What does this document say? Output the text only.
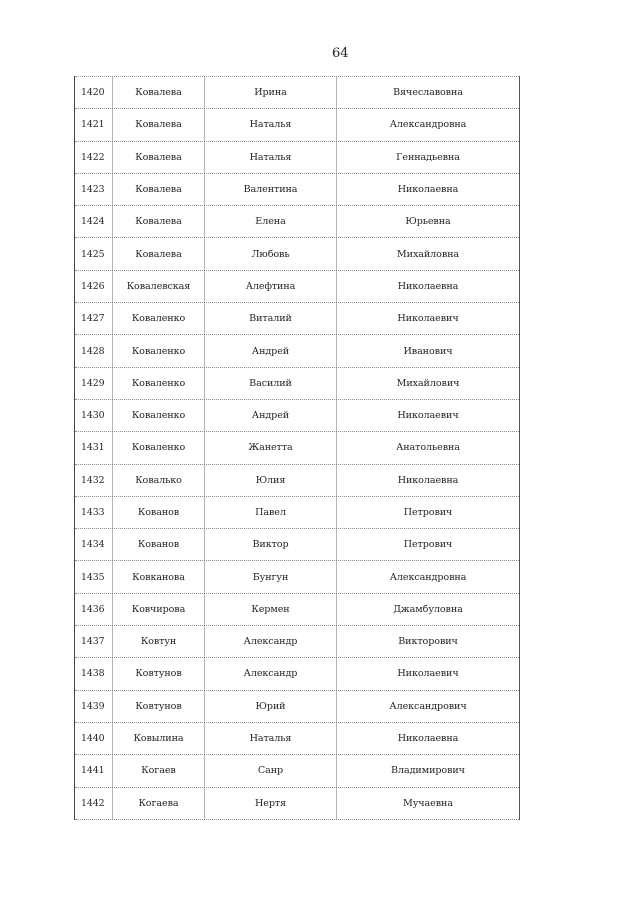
64
1420	Ковалева	Ирина	Вячеславовна
1421	Ковалева	Наталья	Александровна
1422	Ковалева	Наталья	Геннадьевна
1423	Ковалева	Валентина	Николаевна
1424	Ковалева	Елена	Юрьевна
1425	Ковалева	Любовь	Михайловна
1426	Ковалевская	Алефтина	Николаевна
1427	Коваленко	Виталий	Николаевич
1428	Коваленко	Андрей	Иванович
1429	Коваленко	Василий	Михайлович
1430	Коваленко	Андрей	Николаевич
1431	Коваленко	Жанетта	Анатольевна
1432	Ковалько	Юлия	Николаевна
1433	Кованов	Павел	Петрович
1434	Кованов	Виктор	Петрович
1435	Ковканова	Бунгун	Александровна
1436	Ковчирова	Кермен	Джамбуловна
1437	Ковтун	Александр	Викторович
1438	Ковтунов	Александр	Николаевич
1439	Ковтунов	Юрий	Александрович
1440	Ковылина	Наталья	Николаевна
1441	Когаев	Санр	Владимирович
1442	Когаева	Нертя	Мучаевна
